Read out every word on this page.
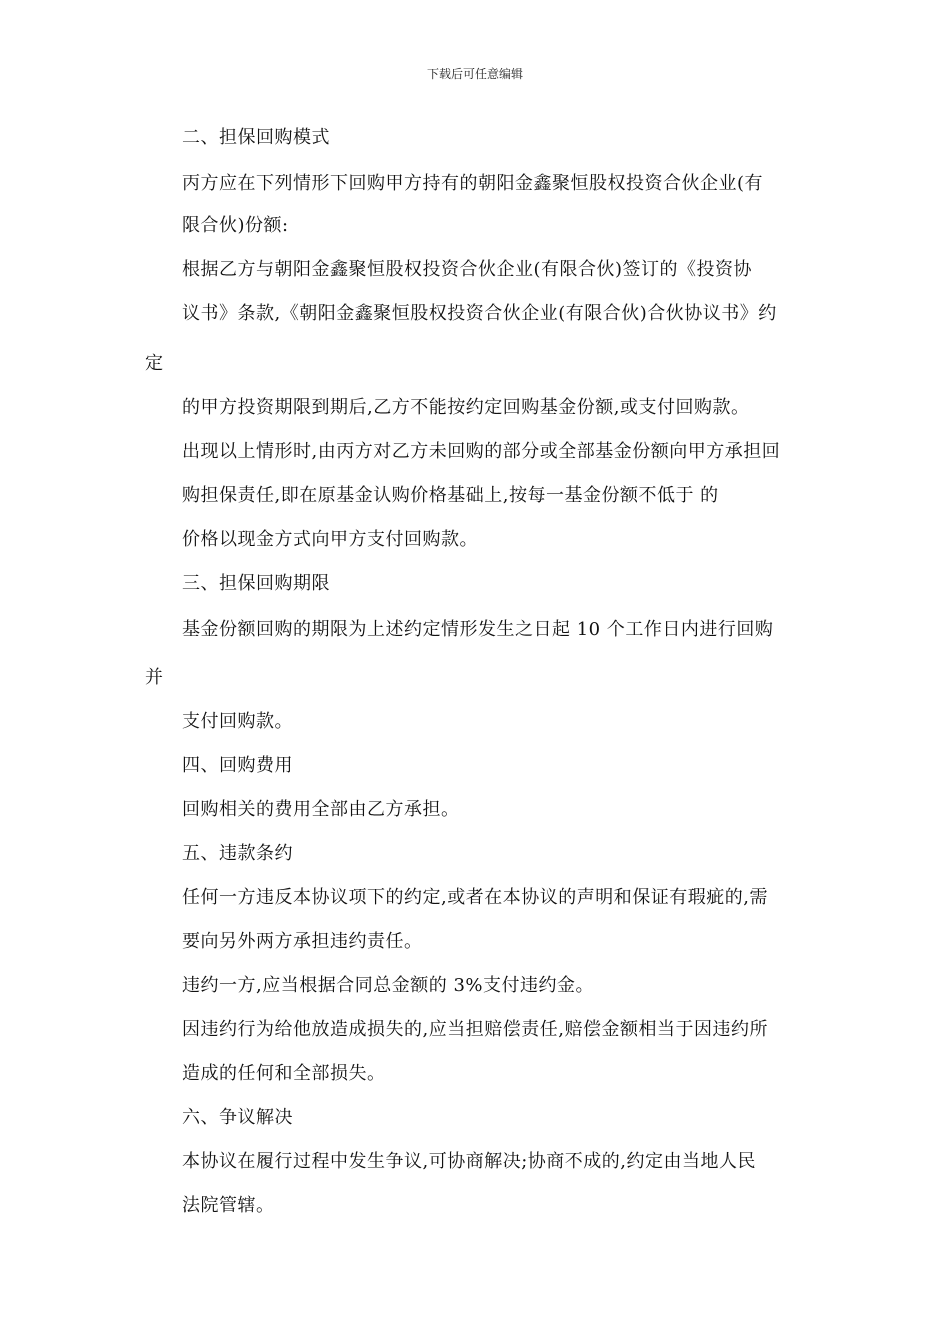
下载后可任意编辑
二、担保回购模式
丙方应在下列情形下回购甲方持有的朝阳金鑫聚恒股权投资合伙企业(有
限合伙)份额:
根据乙方与朝阳金鑫聚恒股权投资合伙企业(有限合伙)签订的《投资协
议书》条款,《朝阳金鑫聚恒股权投资合伙企业(有限合伙)合伙协议书》约
定
的甲方投资期限到期后,乙方不能按约定回购基金份额,或支付回购款。
出现以上情形时,由丙方对乙方未回购的部分或全部基金份额向甲方承担回
购担保责任,即在原基金认购价格基础上,按每一基金份额不低于 的
价格以现金方式向甲方支付回购款。
三、担保回购期限
基金份额回购的期限为上述约定情形发生之日起 10 个工作日内进行回购
并
支付回购款。
四、回购费用
回购相关的费用全部由乙方承担。
五、违款条约
任何一方违反本协议项下的约定,或者在本协议的声明和保证有瑕疵的,需
要向另外两方承担违约责任。
违约一方,应当根据合同总金额的 3%支付违约金。
因违约行为给他放造成损失的,应当担赔偿责任,赔偿金额相当于因违约所
造成的任何和全部损失。
六、争议解决
本协议在履行过程中发生争议,可协商解决;协商不成的,约定由当地人民
法院管辖。
